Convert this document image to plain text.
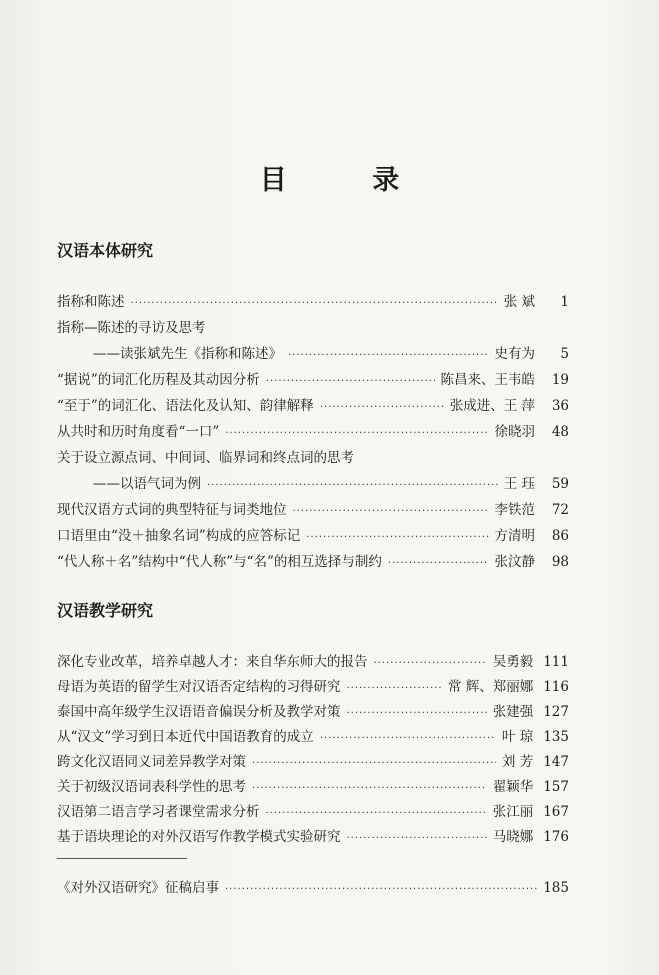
目 录
汉语本体研究
指称和陈述 ·····	张 斌	1
指称—陈述的寻访及思考
——读张斌先生《指称和陈述》 ·····	史有为	5
“据说”的词汇化历程及其动因分析 ·····	陈昌来、王韦皓	19
“至于”的词汇化、语法化及认知、韵律解释 ·····	张成进、王 萍	36
从共时和历时角度看“一口” ·····	徐晓羽	48
关于设立源点词、中间词、临界词和终点词的思考
——以语气词为例 ·····	王 珏	59
现代汉语方式词的典型特征与词类地位 ·····	李铁范	72
口语里由“没＋抽象名词”构成的应答标记 ·····	方清明	86
“代人称＋名”结构中“代人称”与“名”的相互选择与制约 ·····	张汶静	98
汉语教学研究
深化专业改革，培养卓越人才：来自华东师大的报告 ·····	吴勇毅 111
母语为英语的留学生对汉语否定结构的习得研究 ·····	常 辉、郑丽娜 116
泰国中高年级学生汉语语音偏误分析及教学对策 ·····	张建强 127
从“汉文”学习到日本近代中国语教育的成立 ·····	叶 琼 135
跨文化汉语同义词差异教学对策 ·····	刘 芳 147
关于初级汉语词表科学性的思考 ·····	翟颖华 157
汉语第二语言学习者课堂需求分析 ·····	张江丽 167
基于语块理论的对外汉语写作教学模式实验研究 ·····	马晓娜 176
《对外汉语研究》征稿启事 ·····	185
